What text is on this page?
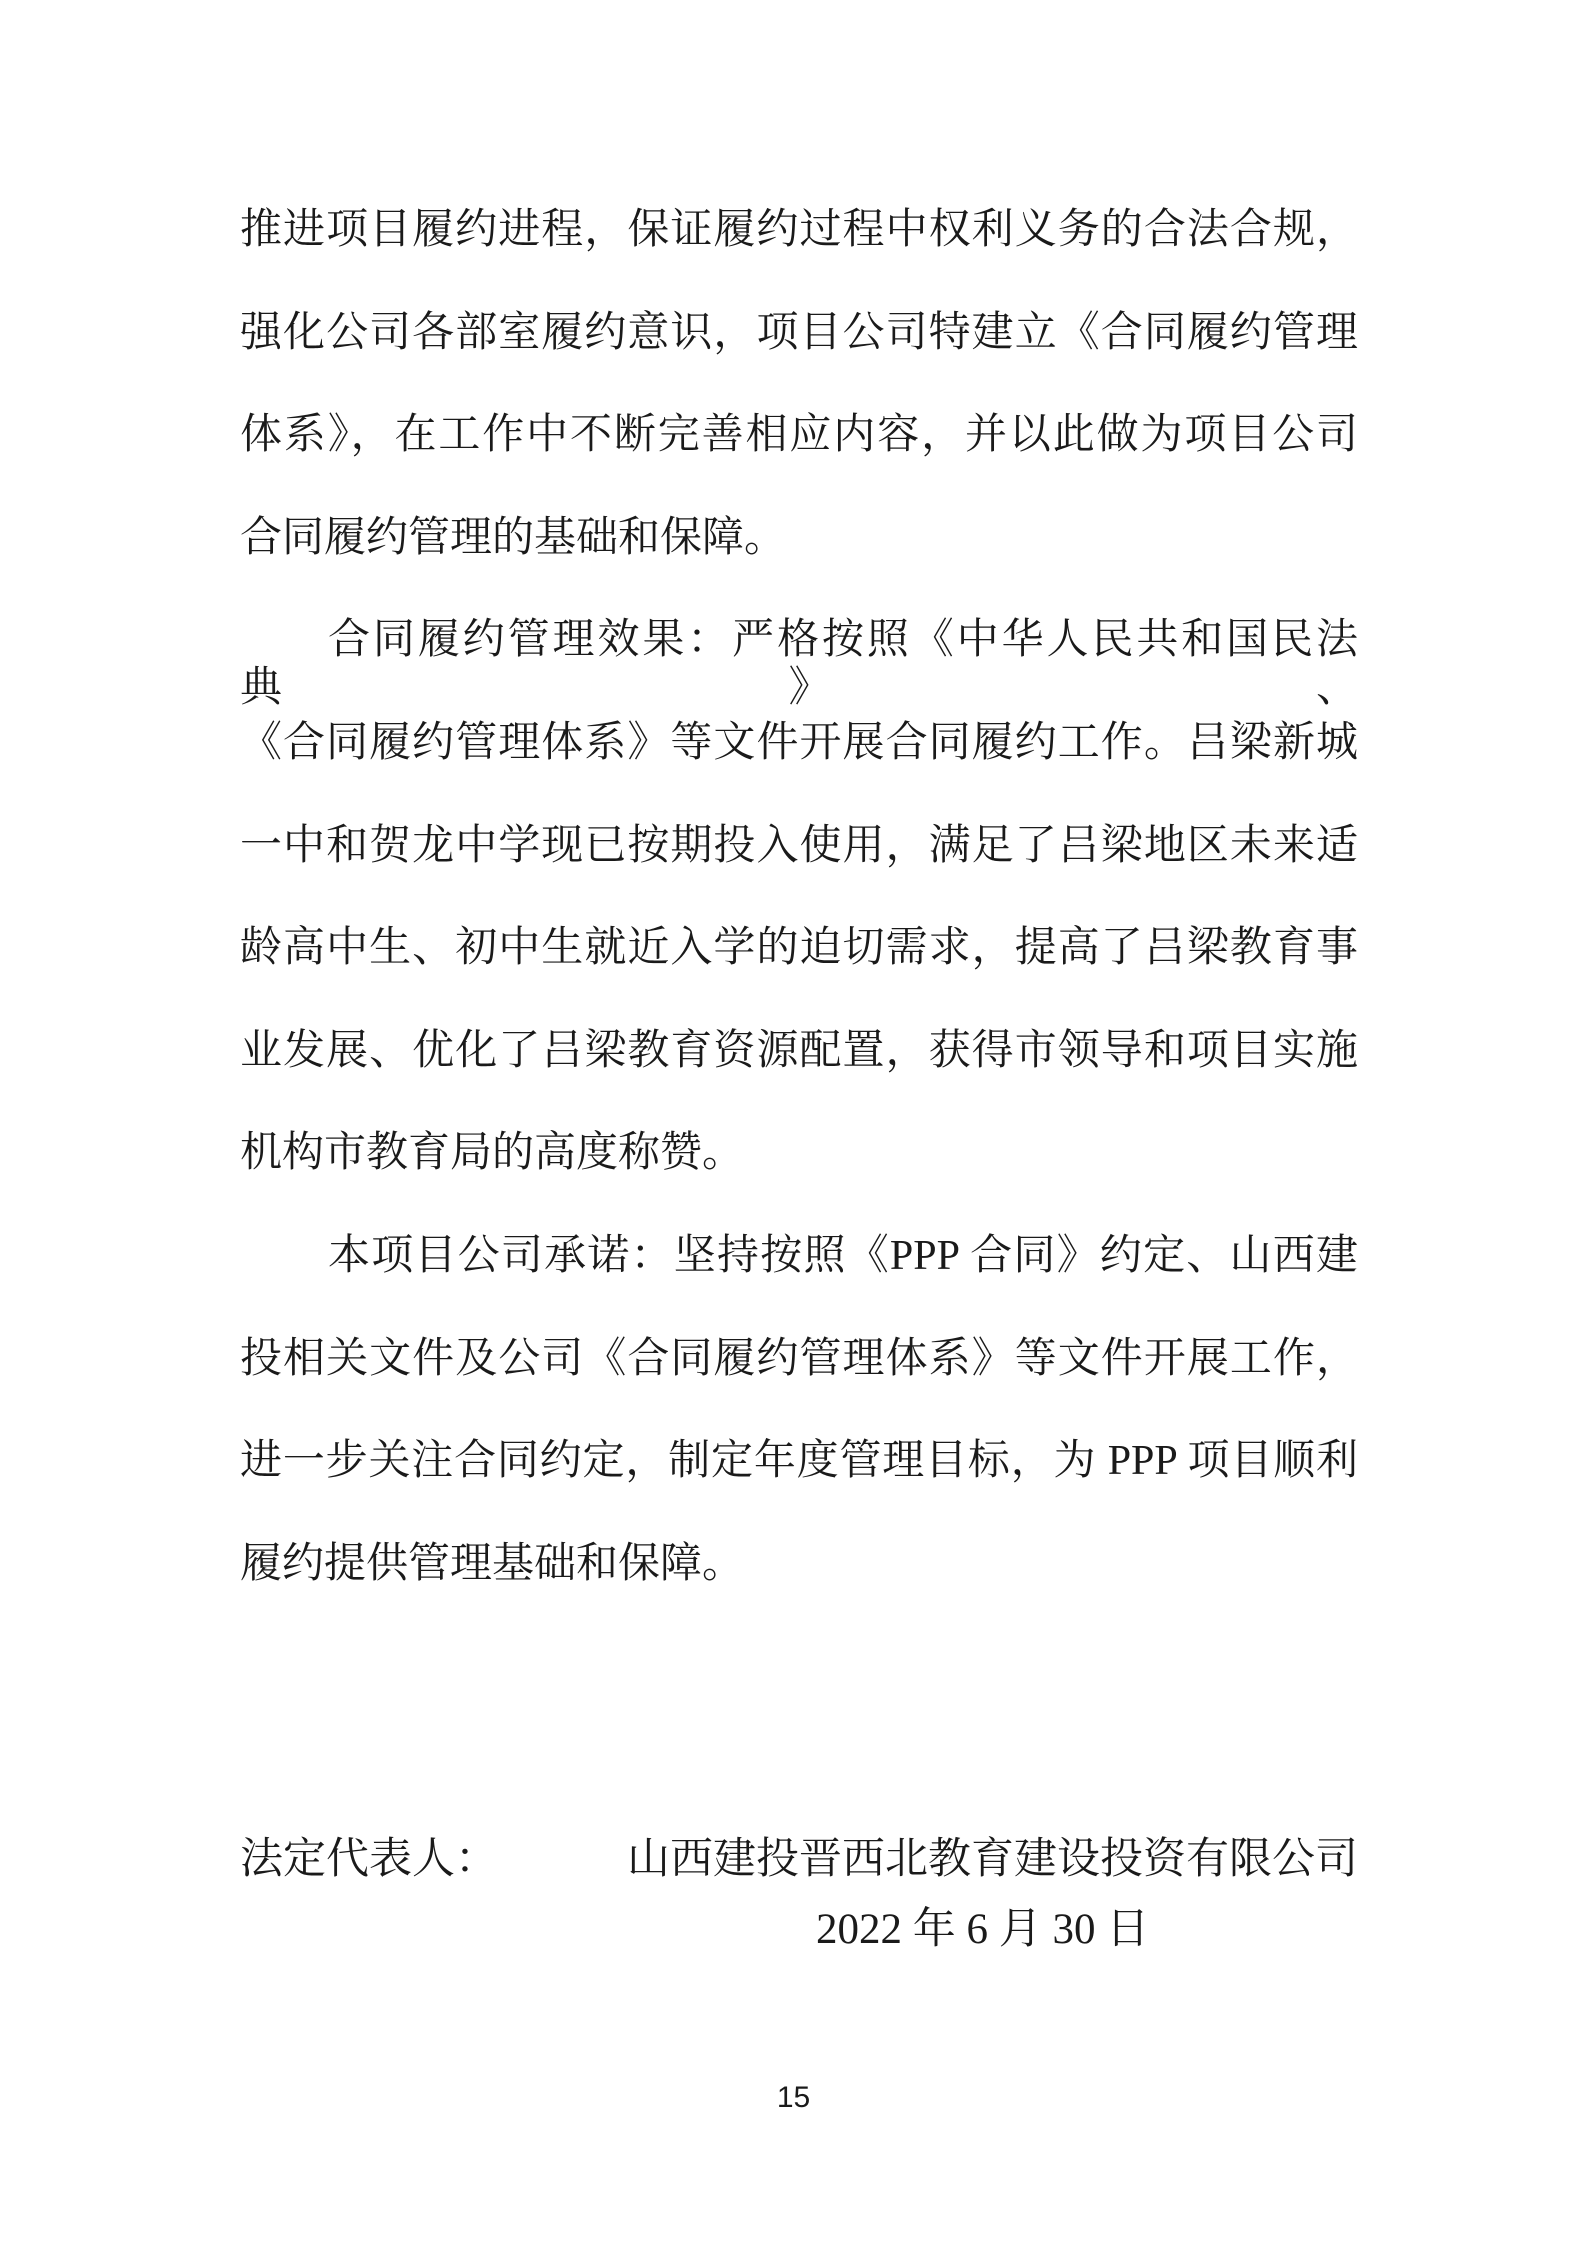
推进项目履约进程，保证履约过程中权利义务的合法合规，
强化公司各部室履约意识，项目公司特建立《合同履约管理
体系》，在工作中不断完善相应内容，并以此做为项目公司
合同履约管理的基础和保障。
合同履约管理效果：严格按照《中华人民共和国民法典》、
《合同履约管理体系》等文件开展合同履约工作。吕梁新城
一中和贺龙中学现已按期投入使用，满足了吕梁地区未来适
龄高中生、初中生就近入学的迫切需求，提高了吕梁教育事
业发展、优化了吕梁教育资源配置，获得市领导和项目实施
机构市教育局的高度称赞。
本项目公司承诺：坚持按照《PPP 合同》约定、山西建
投相关文件及公司《合同履约管理体系》等文件开展工作，
进一步关注合同约定，制定年度管理目标，为 PPP 项目顺利
履约提供管理基础和保障。
法定代表人：	山西建投晋西北教育建设投资有限公司
2022 年 6 月 30 日
15
